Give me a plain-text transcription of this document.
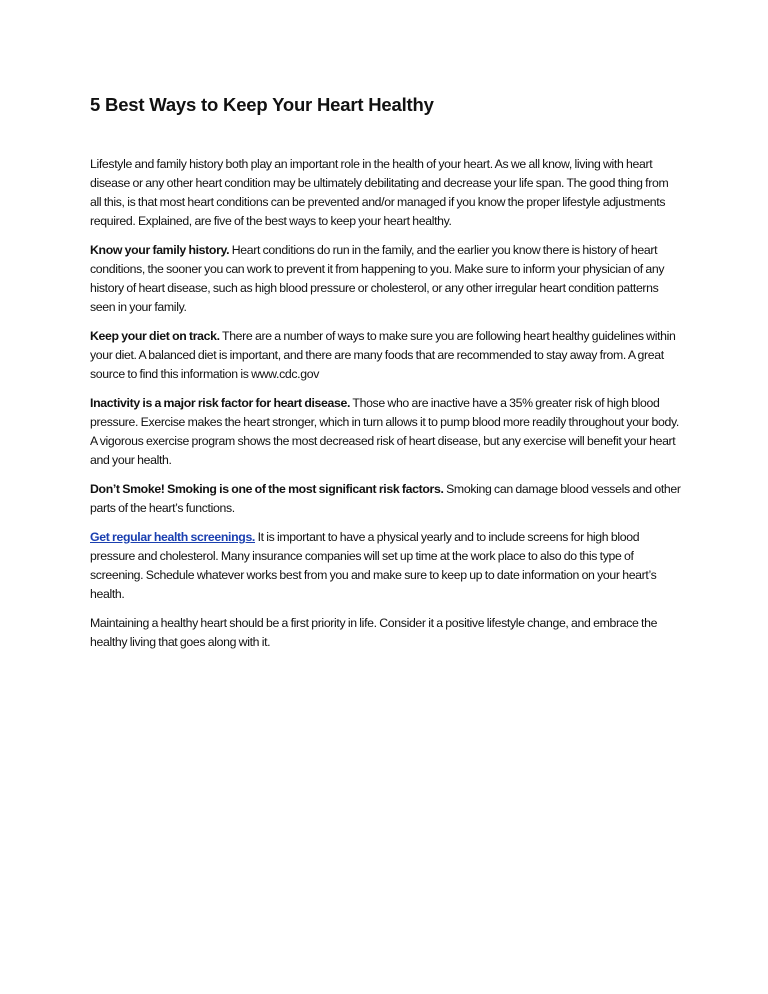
5 Best Ways to Keep Your Heart Healthy

Lifestyle and family history both play an important role in the health of your heart. As we all know, living with heart disease or any other heart condition may be ultimately debilitating and decrease your life span. The good thing from all this, is that most heart conditions can be prevented and/or managed if you know the proper lifestyle adjustments required. Explained, are five of the best ways to keep your heart healthy.

Know your family history. Heart conditions do run in the family, and the earlier you know there is history of heart conditions, the sooner you can work to prevent it from happening to you. Make sure to inform your physician of any history of heart disease, such as high blood pressure or cholesterol, or any other irregular heart condition patterns seen in your family.

Keep your diet on track. There are a number of ways to make sure you are following heart healthy guidelines within your diet. A balanced diet is important, and there are many foods that are recommended to stay away from. A great source to find this information is www.cdc.gov

Inactivity is a major risk factor for heart disease. Those who are inactive have a 35% greater risk of high blood pressure. Exercise makes the heart stronger, which in turn allows it to pump blood more readily throughout your body. A vigorous exercise program shows the most decreased risk of heart disease, but any exercise will benefit your heart and your health.

Don’t Smoke! Smoking is one of the most significant risk factors. Smoking can damage blood vessels and other parts of the heart’s functions.

Get regular health screenings. It is important to have a physical yearly and to include screens for high blood pressure and cholesterol. Many insurance companies will set up time at the work place to also do this type of screening. Schedule whatever works best from you and make sure to keep up to date information on your heart’s health.

Maintaining a healthy heart should be a first priority in life. Consider it a positive lifestyle change, and embrace the healthy living that goes along with it.
